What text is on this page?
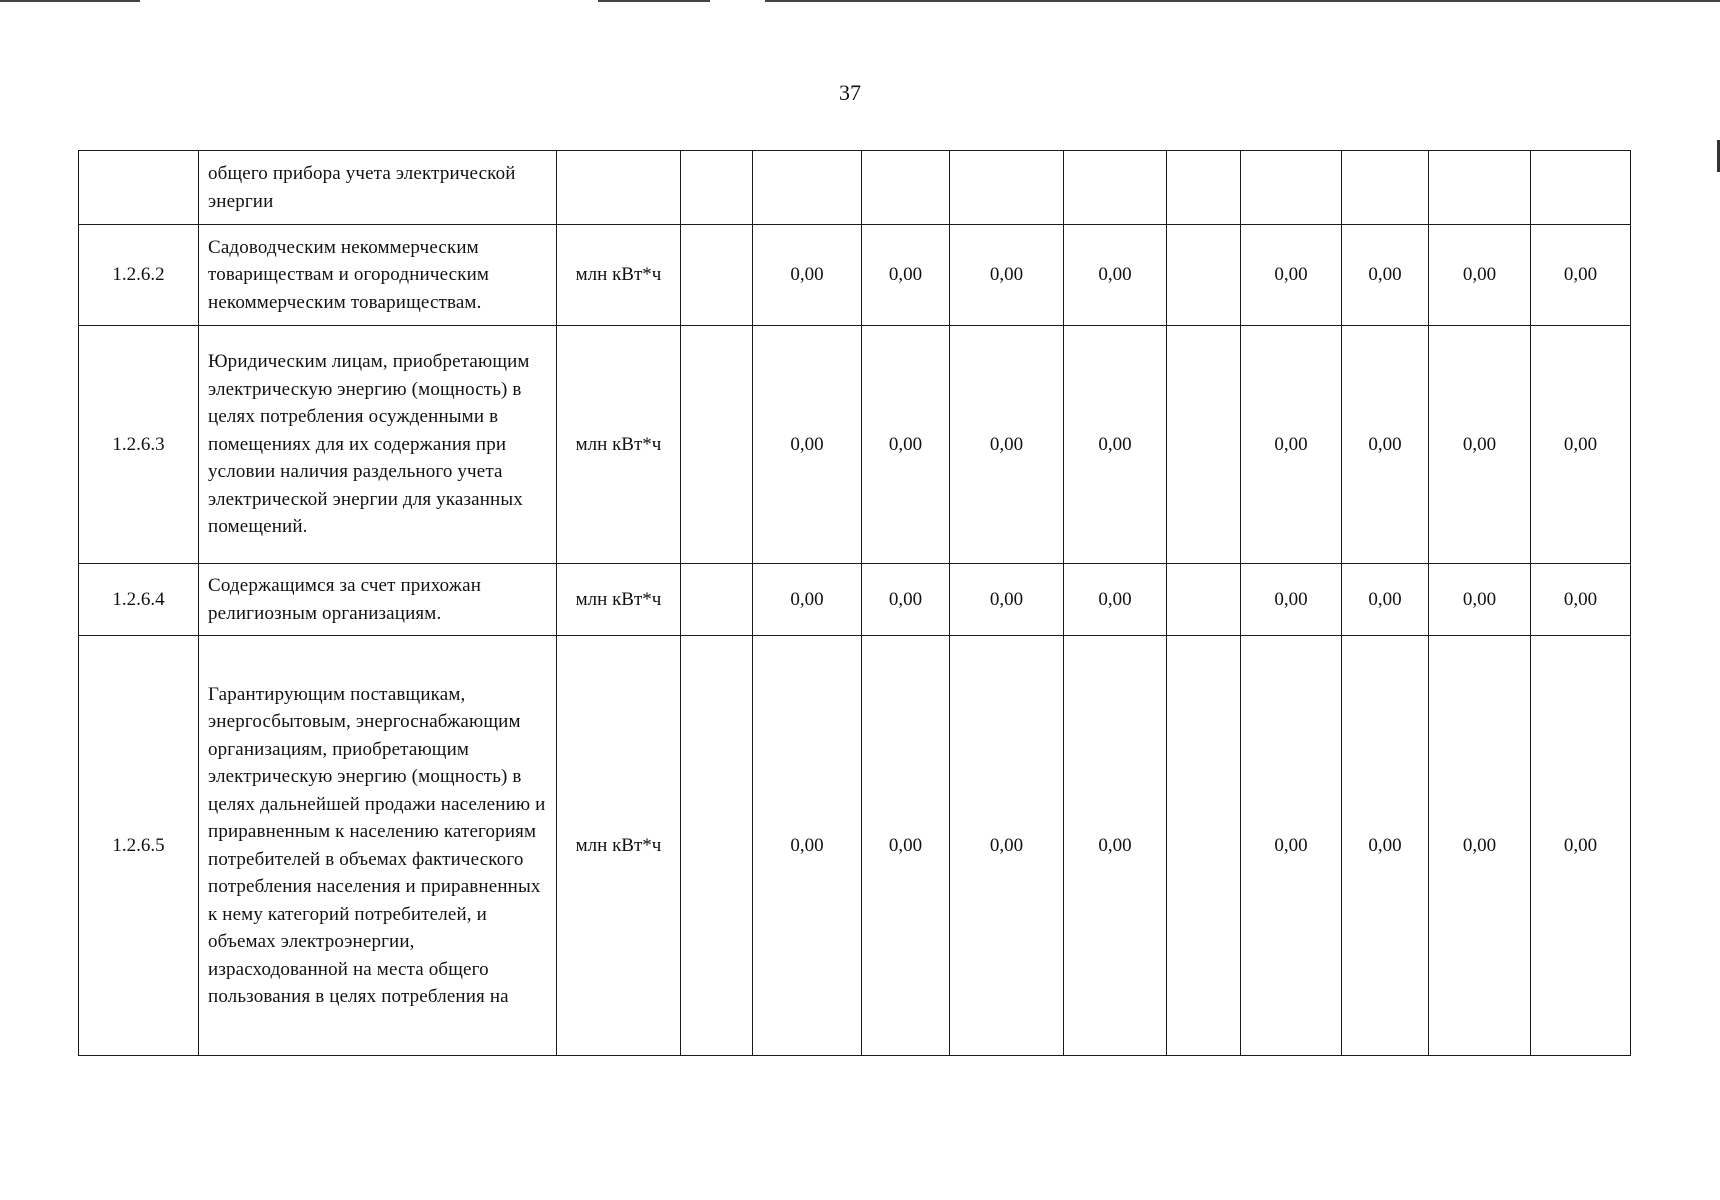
37
	общего прибора учета электрической энергии											
1.2.6.2	Садоводческим некоммерческим товариществам и огородническим некоммерческим товариществам.	млн кВт*ч		0,00	0,00	0,00	0,00		0,00	0,00	0,00	0,00
1.2.6.3	Юридическим лицам, приобретающим электрическую энергию (мощность) в целях потребления осужденными в помещениях для их содержания при условии наличия раздельного учета электрической энергии для указанных помещений.	млн кВт*ч		0,00	0,00	0,00	0,00		0,00	0,00	0,00	0,00
1.2.6.4	Содержащимся за счет прихожан религиозным организациям.	млн кВт*ч		0,00	0,00	0,00	0,00		0,00	0,00	0,00	0,00
1.2.6.5	Гарантирующим поставщикам, энергосбытовым, энергоснабжающим организациям, приобретающим электрическую энергию (мощность) в целях дальнейшей продажи населению и приравненным к населению категориям потребителей в объемах фактического потребления населения и приравненных к нему категорий потребителей, и объемах электроэнергии, израсходованной на места общего пользования в целях потребления на	млн кВт*ч		0,00	0,00	0,00	0,00		0,00	0,00	0,00	0,00
